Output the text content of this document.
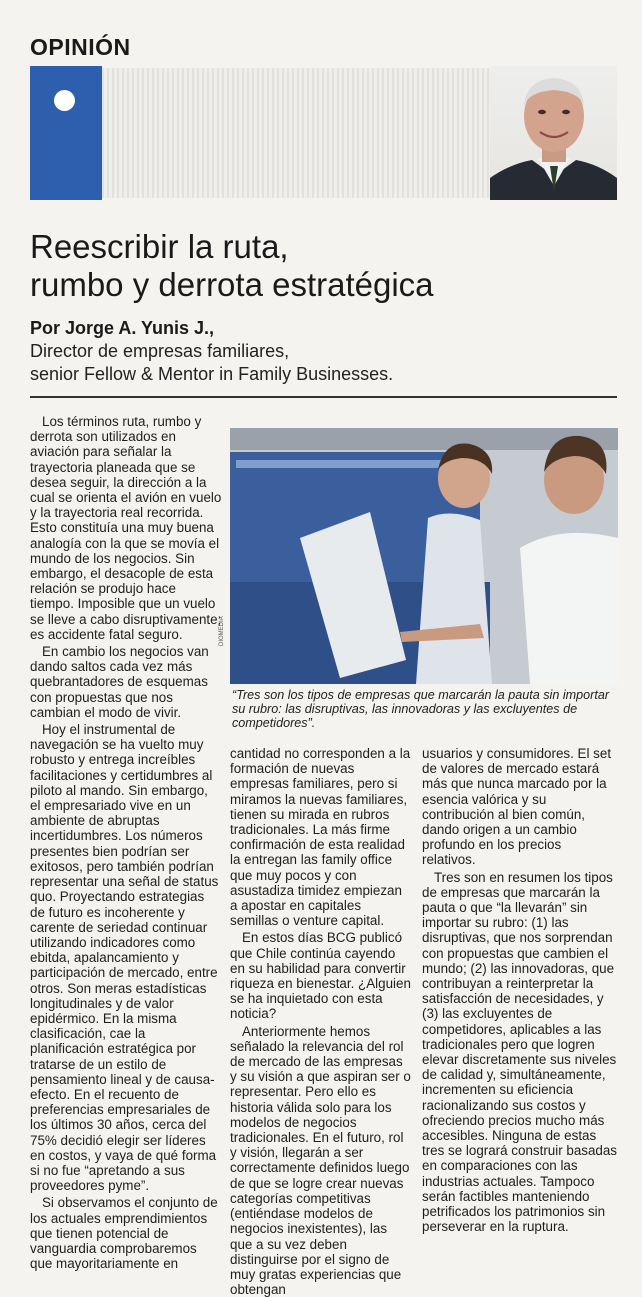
OPINIÓN
Reescribir la ruta,
rumbo y derrota estratégica
Por Jorge A. Yunis J.,
Director de empresas familiares,
senior Fellow & Mentor in Family Businesses.

Los términos ruta, rumbo y derrota son utilizados en aviación para señalar la trayectoria planeada que se desea seguir, la dirección a la cual se orienta el avión en vuelo y la trayectoria real recorrida. Esto constituía una muy buena analogía con la que se movía el mundo de los negocios. Sin embargo, el desacople de esta relación se produjo hace tiempo. Imposible que un vuelo se lleve a cabo disruptivamente; es accidente fatal seguro.

En cambio los negocios van dando saltos cada vez más quebrantadores de esquemas con propuestas que nos cambian el modo de vivir.

Hoy el instrumental de navegación se ha vuelto muy robusto y entrega increíbles facilitaciones y certidumbres al piloto al mando. Sin embargo, el empresariado vive en un ambiente de abruptas incertidumbres. Los números presentes bien podrían ser exitosos, pero también podrían representar una señal de status quo. Proyectando estrategias de futuro es incoherente y carente de seriedad continuar utilizando indicadores como ebitda, apalancamiento y participación de mercado, entre otros. Son meras estadísticas longitudinales y de valor epidérmico. En la misma clasificación, cae la planificación estratégica por tratarse de un estilo de pensamiento lineal y de causa-efecto. En el recuento de preferencias empresariales de los últimos 30 años, cerca del 75% decidió elegir ser líderes en costos, y vaya de qué forma si no fue “apretando a sus proveedores pyme”.

Si observamos el conjunto de los actuales emprendimientos que tienen potencial de vanguardia comprobaremos que mayoritariamente en

DIOMEDIA
“Tres son los tipos de empresas que marcarán la pauta sin importar su rubro: las disruptivas, las innovadoras y las excluyentes de competidores”.

cantidad no corresponden a la formación de nuevas empresas familiares, pero si miramos la nuevas familiares, tienen su mirada en rubros tradicionales. La más firme confirmación de esta realidad la entregan las family office que muy pocos y con asustadiza timidez empiezan a apostar en capitales semillas o venture capital.

En estos días BCG publicó que Chile continúa cayendo en su habilidad para convertir riqueza en bienestar. ¿Alguien se ha inquietado con esta noticia?

Anteriormente hemos señalado la relevancia del rol de mercado de las empresas y su visión a que aspiran ser o representar. Pero ello es historia válida solo para los modelos de negocios tradicionales. En el futuro, rol y visión, llegarán a ser correctamente definidos luego de que se logre crear nuevas categorías competitivas (entiéndase modelos de negocios inexistentes), las que a su vez deben distinguirse por el signo de muy gratas experiencias que obtengan

usuarios y consumidores. El set de valores de mercado estará más que nunca marcado por la esencia valórica y su contribución al bien común, dando origen a un cambio profundo en los precios relativos.

Tres son en resumen los tipos de empresas que marcarán la pauta o que “la llevarán” sin importar su rubro: (1) las disruptivas, que nos sorprendan con propuestas que cambien el mundo; (2) las innovadoras, que contribuyan a reinterpretar la satisfacción de necesidades, y (3) las excluyentes de competidores, aplicables a las tradicionales pero que logren elevar discretamente sus niveles de calidad y, simultáneamente, incrementen su eficiencia racionalizando sus costos y ofreciendo precios mucho más accesibles. Ninguna de estas tres se logrará construir basadas en comparaciones con las industrias actuales. Tampoco serán factibles manteniendo petrificados los patrimonios sin perseverar en la ruptura.
